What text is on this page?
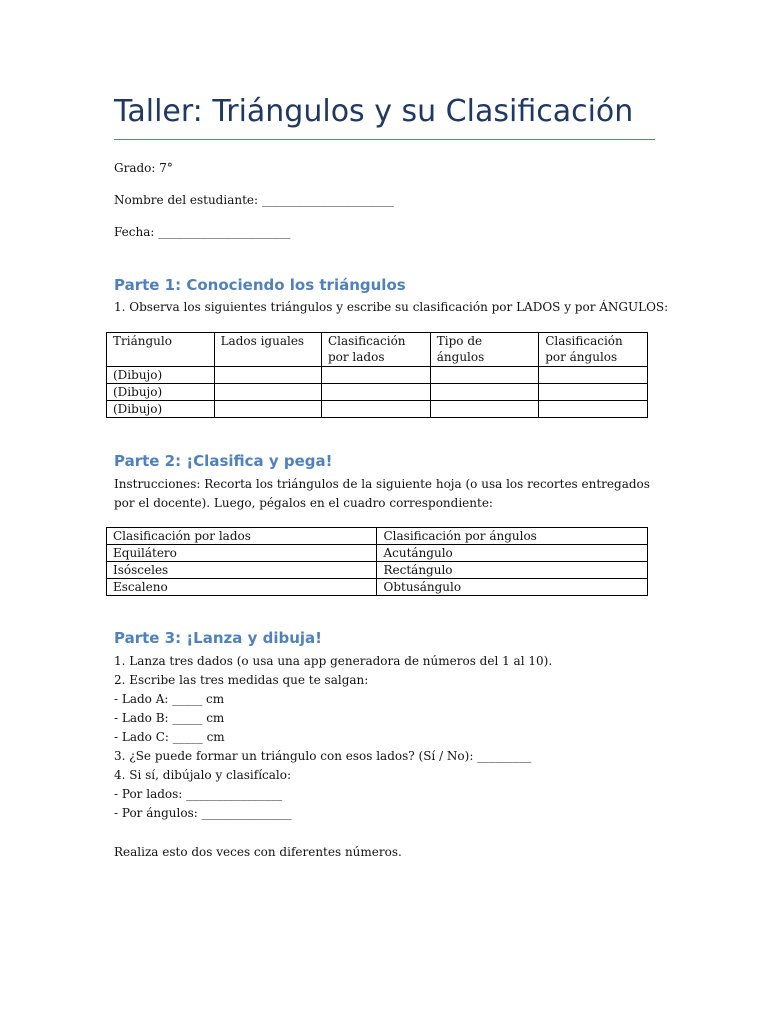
Taller: Triángulos y su Clasificación
Grado: 7°
Nombre del estudiante: ______________________
Fecha: ______________________
Parte 1: Conociendo los triángulos
1. Observa los siguientes triángulos y escribe su clasificación por LADOS y por ÁNGULOS:
Triángulo	Lados iguales	Clasificación por lados	Tipo de ángulos	Clasificación por ángulos
(Dibujo)				
(Dibujo)				
(Dibujo)				
Parte 2: ¡Clasifica y pega!
Instrucciones: Recorta los triángulos de la siguiente hoja (o usa los recortes entregados por el docente). Luego, pégalos en el cuadro correspondiente:
Clasificación por lados	Clasificación por ángulos
Equilátero	Acutángulo
Isósceles	Rectángulo
Escaleno	Obtusángulo
Parte 3: ¡Lanza y dibuja!
1. Lanza tres dados (o usa una app generadora de números del 1 al 10).
2. Escribe las tres medidas que te salgan:
- Lado A: _____ cm
- Lado B: _____ cm
- Lado C: _____ cm
3. ¿Se puede formar un triángulo con esos lados? (Sí / No): _________
4. Si sí, dibújalo y clasifícalo:
- Por lados: ________________
- Por ángulos: _______________
Realiza esto dos veces con diferentes números.
